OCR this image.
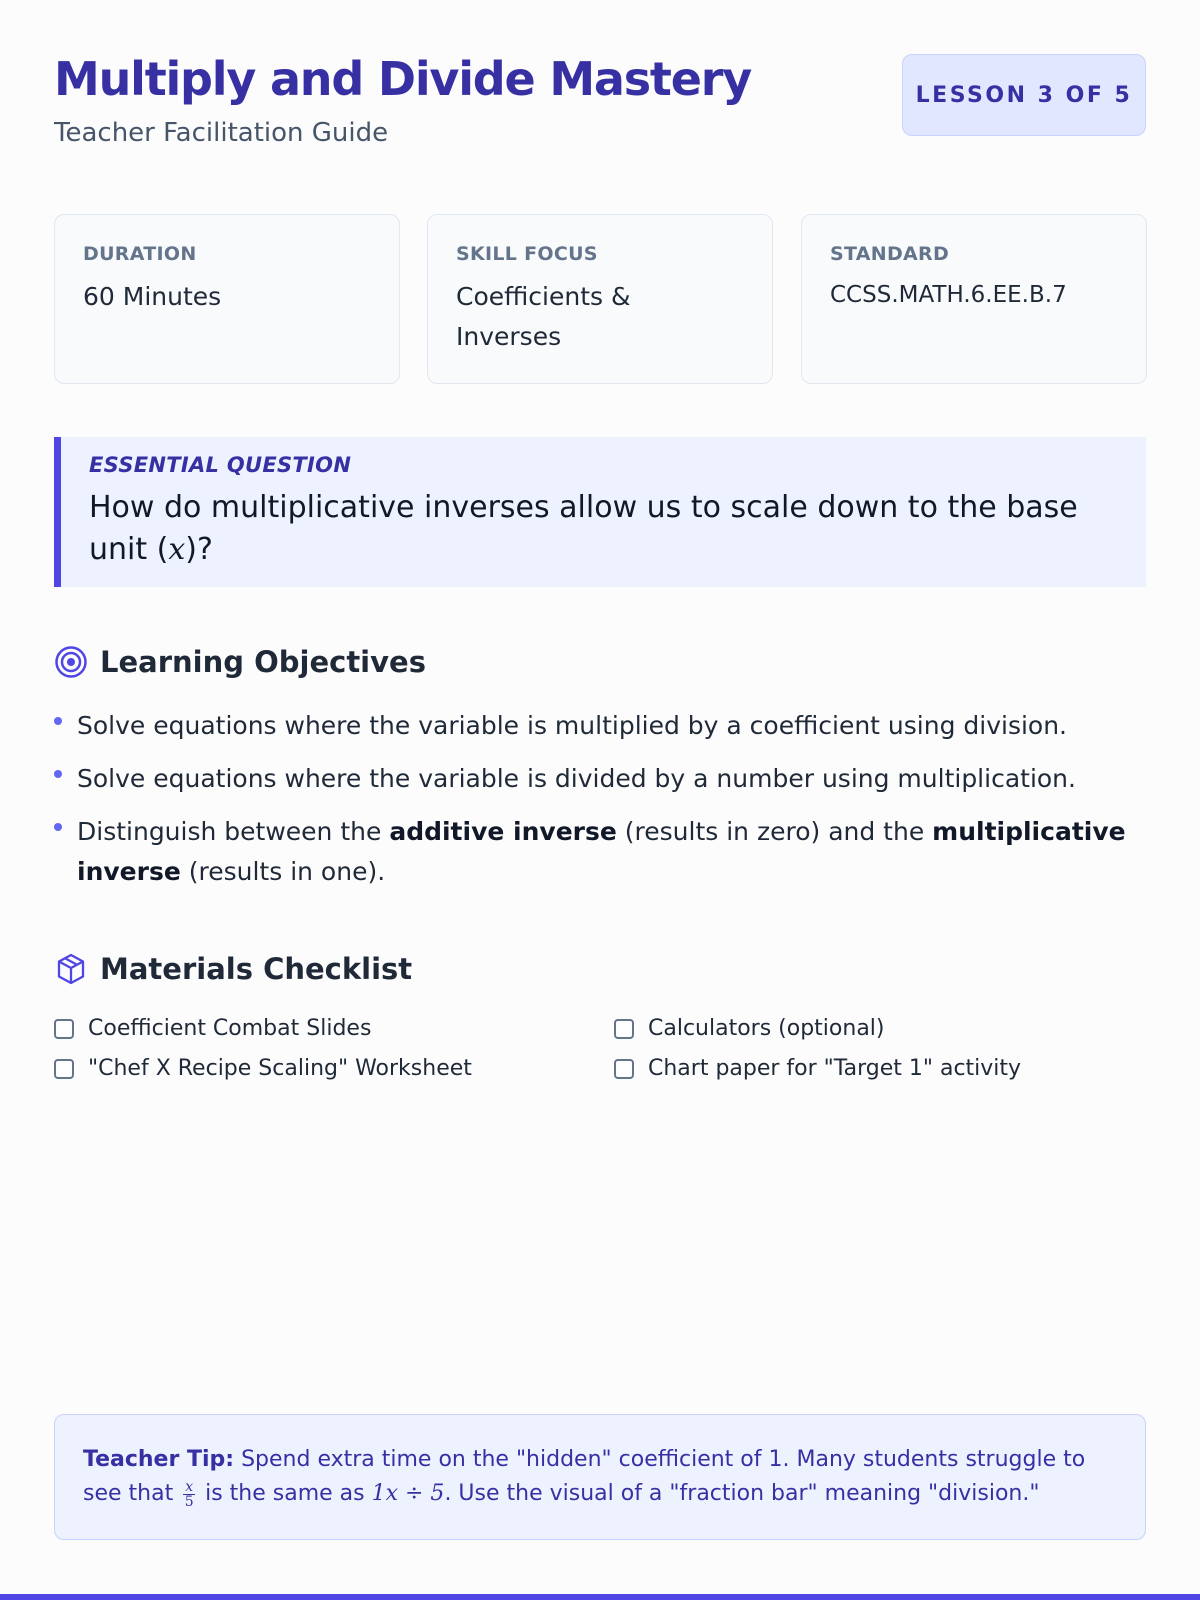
Multiply and Divide Mastery
Teacher Facilitation Guide
LESSON 3 OF 5
DURATION
60 Minutes
SKILL FOCUS
Coefficients & Inverses
STANDARD
CCSS.MATH.6.EE.B.7
ESSENTIAL QUESTION
How do multiplicative inverses allow us to scale down to the base unit (x)?
Learning Objectives
Solve equations where the variable is multiplied by a coefficient using division.
Solve equations where the variable is divided by a number using multiplication.
Distinguish between the additive inverse (results in zero) and the multiplicative inverse (results in one).
Materials Checklist
Coefficient Combat Slides
"Chef X Recipe Scaling" Worksheet
Calculators (optional)
Chart paper for "Target 1" activity
Teacher Tip: Spend extra time on the "hidden" coefficient of 1. Many students struggle to see that $\frac{x}{5}$ is the same as 1x ÷ 5. Use the visual of a "fraction bar" meaning "division."
